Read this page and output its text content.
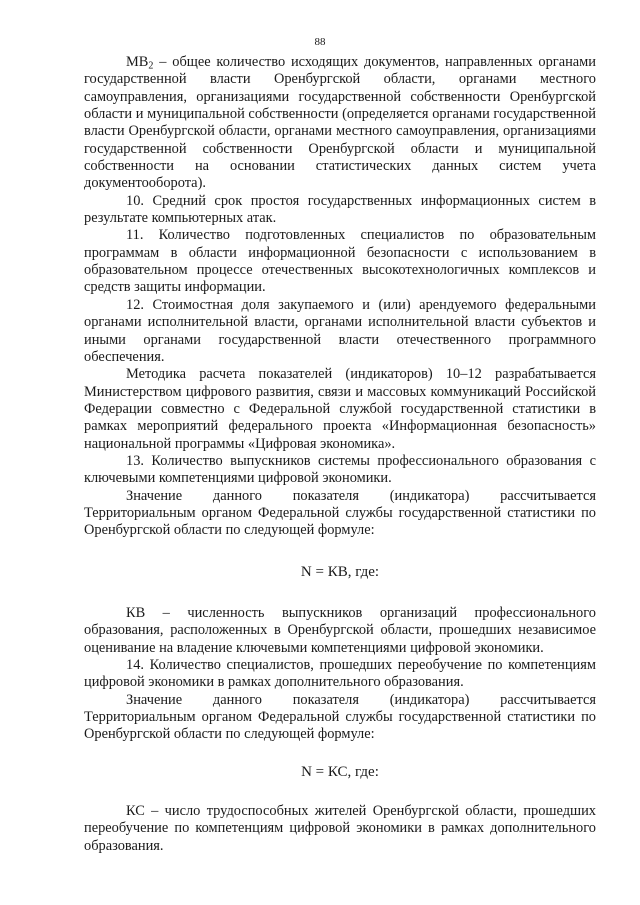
88

$МВ_2$ – общее количество исходящих документов, направленных органами государственной власти Оренбургской области, органами местного самоуправления, организациями государственной собственности Оренбургской области и муниципальной собственности (определяется органами государственной власти Оренбургской области, органами местного самоуправления, организациями государственной собственности Оренбургской области и муниципальной собственности на основании статистических данных систем учета документооборота).

10. Средний срок простоя государственных информационных систем в результате компьютерных атак.

11. Количество подготовленных специалистов по образовательным программам в области информационной безопасности с использованием в образовательном процессе отечественных высокотехнологичных комплексов и средств защиты информации.

12. Стоимостная доля закупаемого и (или) арендуемого федеральными органами исполнительной власти, органами исполнительной власти субъектов и иными органами государственной власти отечественного программного обеспечения.

Методика расчета показателей (индикаторов) 10–12 разрабатывается Министерством цифрового развития, связи и массовых коммуникаций Российской Федерации совместно с Федеральной службой государственной статистики в рамках мероприятий федерального проекта «Информационная безопасность» национальной программы «Цифровая экономика».

13. Количество выпускников системы профессионального образования с ключевыми компетенциями цифровой экономики.

Значение данного показателя (индикатора) рассчитывается Территориальным органом Федеральной службы государственной статистики по Оренбургской области по следующей формуле:

N = КВ, где:

КВ – численность выпускников организаций профессионального образования, расположенных в Оренбургской области, прошедших независимое оценивание на владение ключевыми компетенциями цифровой экономики.

14. Количество специалистов, прошедших переобучение по компетенциям цифровой экономики в рамках дополнительного образования.

Значение данного показателя (индикатора) рассчитывается Территориальным органом Федеральной службы государственной статистики по Оренбургской области по следующей формуле:

N = КС, где:

КС – число трудоспособных жителей Оренбургской области, прошедших переобучение по компетенциям цифровой экономики в рамках дополнительного образования.
